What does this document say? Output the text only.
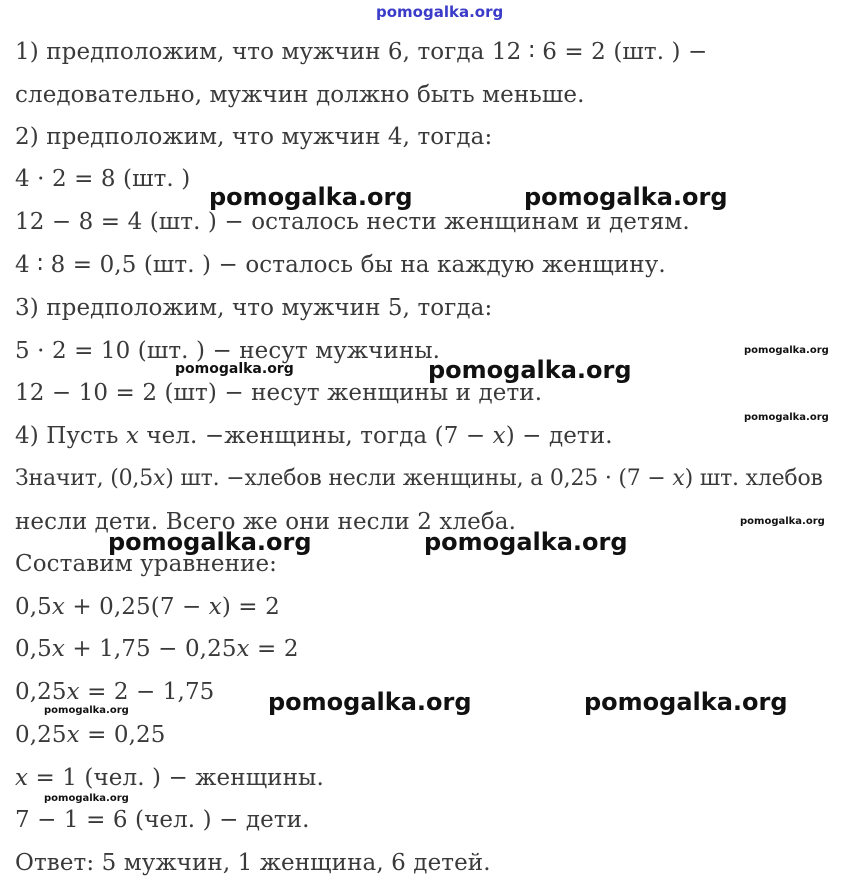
pomogalka.org
1) предположим, что мужчин 6, тогда 12 ∶ 6 = 2 (шт. ) −
следовательно, мужчин должно быть меньше.
2) предположим, что мужчин 4, тогда:
4 · 2 = 8 (шт. )
12 − 8 = 4 (шт. ) − осталось нести женщинам и детям.
4 ∶ 8 = 0,5 (шт. ) − осталось бы на каждую женщину.
3) предположим, что мужчин 5, тогда:
5 · 2 = 10 (шт. ) − несут мужчины.
12 − 10 = 2 (шт) − несут женщины и дети.
4) Пусть 𝑥 чел. −женщины, тогда (7 − 𝑥) − дети.
Значит, (0,5𝑥) шт. −хлебов несли женщины, а 0,25 · (7 − 𝑥) шт. хлебов
несли дети. Всего же они несли 2 хлеба.
Составим уравнение:
0,5𝑥 + 0,25(7 − 𝑥) = 2
0,5𝑥 + 1,75 − 0,25𝑥 = 2
0,25𝑥 = 2 − 1,75
0,25𝑥 = 0,25
𝑥 = 1 (чел. ) − женщины.
7 − 1 = 6 (чел. ) − дети.
Ответ: 5 мужчин, 1 женщина, 6 детей.
pomogalka.org	pomogalka.org
pomogalka.org
pomogalka.org	pomogalka.org
pomogalka.org	pomogalka.org
pomogalka.org
pomogalka.org
pomogalka.org
pomogalka.org
pomogalka.org
pomogalka.org
